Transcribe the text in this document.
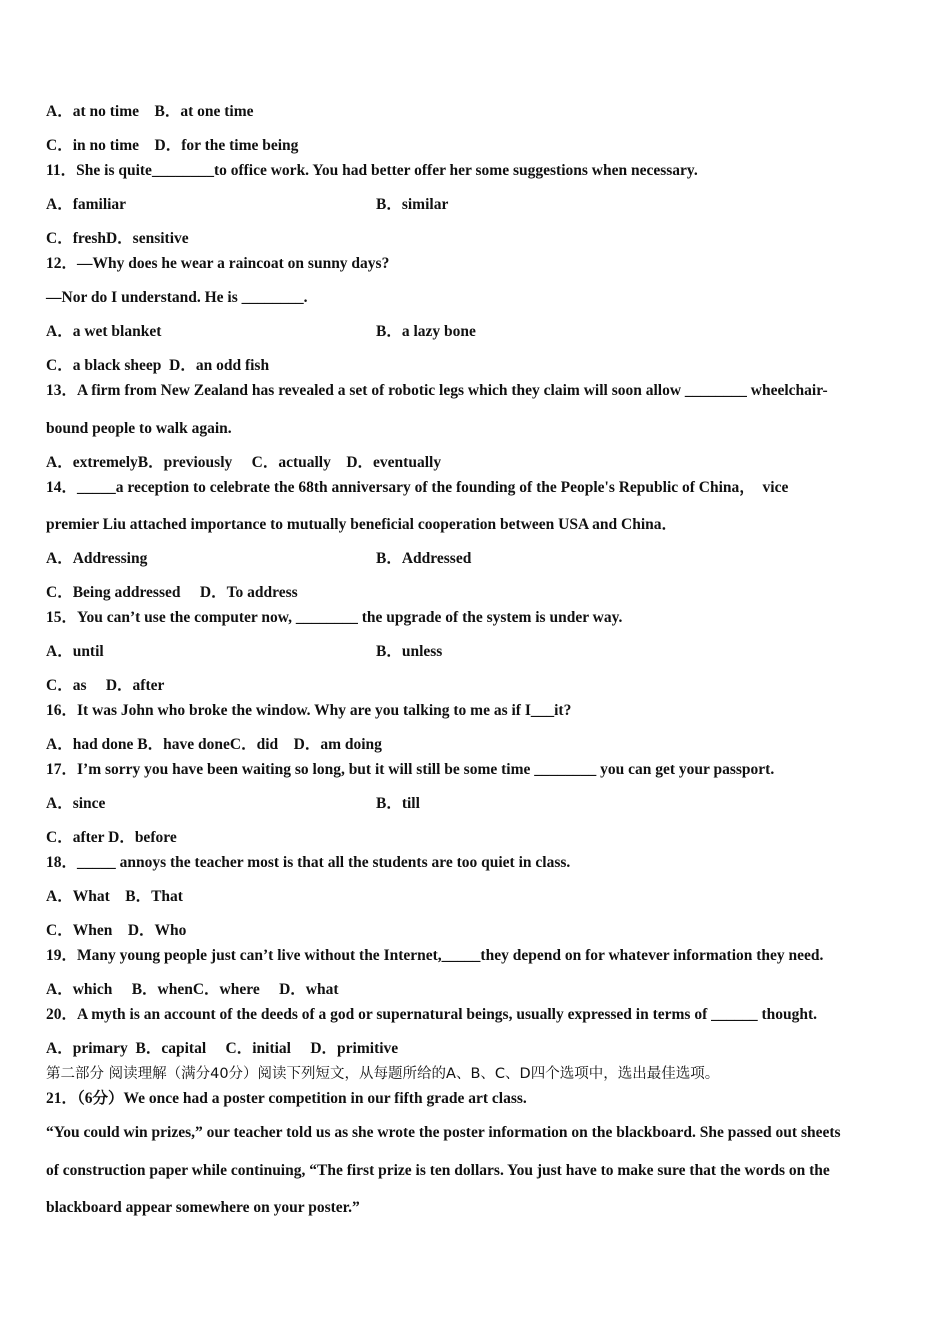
A．at no time　B．at one time
C．in no time　D．for the time being
11．She is quite________to office work. You had better offer her some suggestions when necessary.
A．familiar	B．similar
C．freshD．sensitive
12．—Why does he wear a raincoat on sunny days?
—Nor do I understand. He is ________.
A．a wet blanket	B．a lazy bone
C．a black sheep  D．an odd fish
13．A firm from New Zealand has revealed a set of robotic legs which they claim will soon allow ________ wheelchair-
bound people to walk again.
A．extremelyB．previously　 C．actually　D．eventually
14．_____a reception to celebrate the 68th anniversary of the founding of the People's Republic of China，  vice
premier Liu attached importance to mutually beneficial cooperation between USA and China．
A．Addressing	B．Addressed
C．Being addressed　 D．To address
15．You can’t use the computer now, ________ the upgrade of the system is under way.
A．until	B．unless
C．as　 D．after
16．It was John who broke the window. Why are you talking to me as if I___it?
A．had done B．have doneC．did　D．am doing
17．I’m sorry you have been waiting so long, but it will still be some time ________ you can get your passport.
A．since	B．till
C．after D．before
18．_____ annoys the teacher most is that all the students are too quiet in class.
A．What　B．That
C．When　D．Who
19．Many young people just can’t live without the Internet,_____they depend on for whatever information they need.
A．which　 B．whenC．where　 D．what
20．A myth is an account of the deeds of a god or supernatural beings, usually expressed in terms of ______ thought.
A．primary  B．capital　 C．initial　 D．primitive
第二部分 阅读理解（满分40分）阅读下列短文，从每题所给的A、B、C、D四个选项中，选出最佳选项。
21．（6分）We once had a poster competition in our fifth grade art class.
“You could win prizes,” our teacher told us as she wrote the poster information on the blackboard. She passed out sheets
of construction paper while continuing, “The first prize is ten dollars. You just have to make sure that the words on the
blackboard appear somewhere on your poster.”
